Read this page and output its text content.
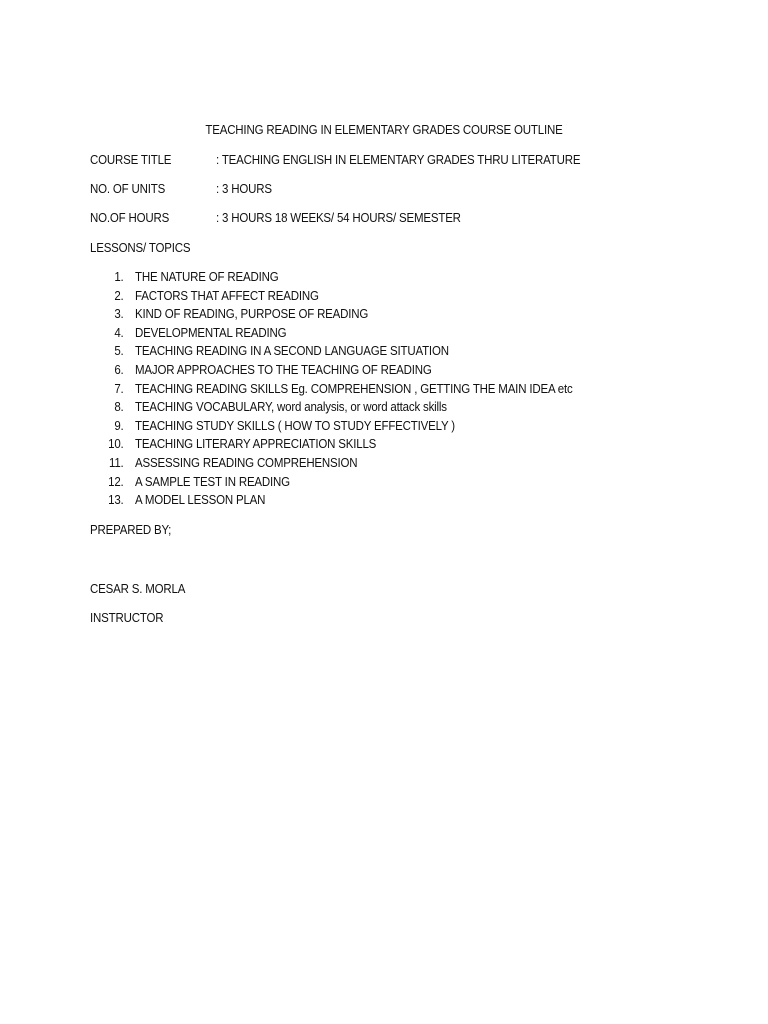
TEACHING READING IN ELEMENTARY GRADES COURSE OUTLINE
COURSE TITLE	: TEACHING ENGLISH IN ELEMENTARY GRADES THRU LITERATURE
NO. OF UNITS	: 3 HOURS
NO.OF HOURS	: 3 HOURS 18 WEEKS/ 54 HOURS/ SEMESTER
LESSONS/ TOPICS
1. THE NATURE OF READING
2. FACTORS THAT AFFECT READING
3. KIND OF READING, PURPOSE OF READING
4. DEVELOPMENTAL READING
5. TEACHING READING IN A SECOND LANGUAGE SITUATION
6. MAJOR APPROACHES TO THE TEACHING OF READING
7. TEACHING READING SKILLS Eg. COMPREHENSION , GETTING THE MAIN IDEA etc
8. TEACHING VOCABULARY, word analysis, or word attack skills
9. TEACHING STUDY SKILLS ( HOW TO STUDY EFFECTIVELY )
10. TEACHING LITERARY APPRECIATION SKILLS
11. ASSESSING READING COMPREHENSION
12. A SAMPLE TEST IN READING
13. A MODEL LESSON PLAN
PREPARED BY;
CESAR S. MORLA
INSTRUCTOR
